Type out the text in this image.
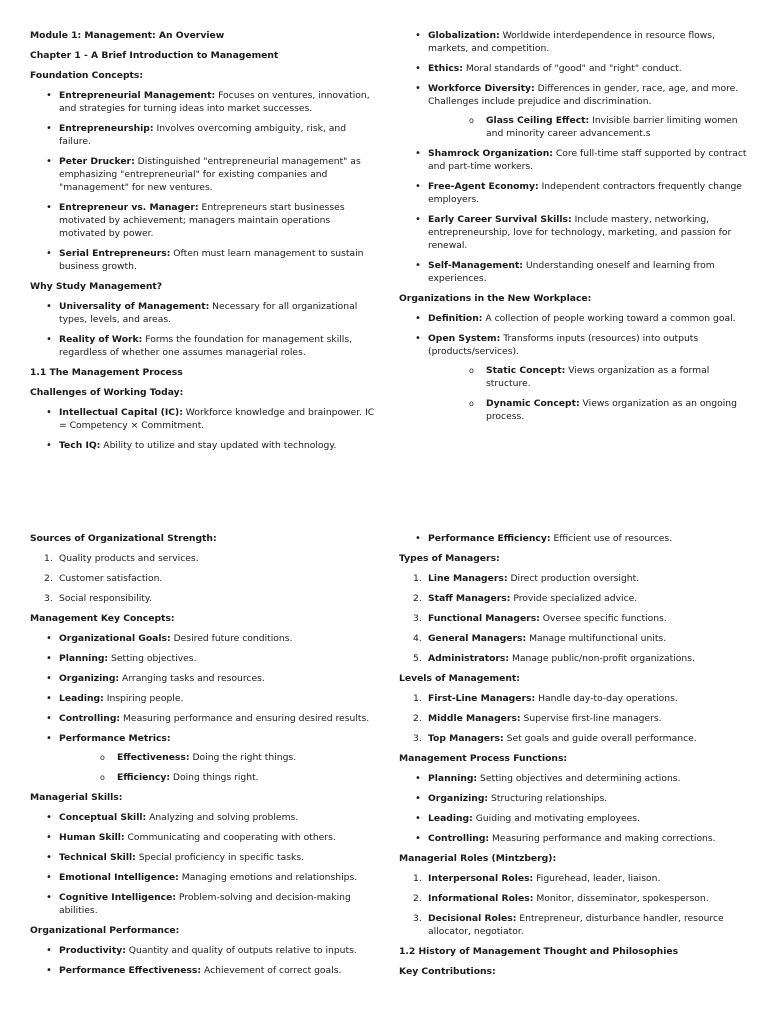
Module 1: Management: An Overview
Chapter 1 - A Brief Introduction to Management
Foundation Concepts:
• Entrepreneurial Management: Focuses on ventures, innovation, and strategies for turning ideas into market successes.
• Entrepreneurship: Involves overcoming ambiguity, risk, and failure.
• Peter Drucker: Distinguished "entrepreneurial management" as emphasizing "entrepreneurial" for existing companies and "management" for new ventures.
• Entrepreneur vs. Manager: Entrepreneurs start businesses motivated by achievement; managers maintain operations motivated by power.
• Serial Entrepreneurs: Often must learn management to sustain business growth.
Why Study Management?
• Universality of Management: Necessary for all organizational types, levels, and areas.
• Reality of Work: Forms the foundation for management skills, regardless of whether one assumes managerial roles.
1.1 The Management Process
Challenges of Working Today:
• Intellectual Capital (IC): Workforce knowledge and brainpower. IC = Competency × Commitment.
• Tech IQ: Ability to utilize and stay updated with technology.
• Globalization: Worldwide interdependence in resource flows, markets, and competition.
• Ethics: Moral standards of "good" and "right" conduct.
• Workforce Diversity: Differences in gender, race, age, and more. Challenges include prejudice and discrimination.
o Glass Ceiling Effect: Invisible barrier limiting women and minority career advancement.s
• Shamrock Organization: Core full-time staff supported by contract and part-time workers.
• Free-Agent Economy: Independent contractors frequently change employers.
• Early Career Survival Skills: Include mastery, networking, entrepreneurship, love for technology, marketing, and passion for renewal.
• Self-Management: Understanding oneself and learning from experiences.
Organizations in the New Workplace:
• Definition: A collection of people working toward a common goal.
• Open System: Transforms inputs (resources) into outputs (products/services).
o Static Concept: Views organization as a formal structure.
o Dynamic Concept: Views organization as an ongoing process.
Sources of Organizational Strength:
1. Quality products and services.
2. Customer satisfaction.
3. Social responsibility.
Management Key Concepts:
• Organizational Goals: Desired future conditions.
• Planning: Setting objectives.
• Organizing: Arranging tasks and resources.
• Leading: Inspiring people.
• Controlling: Measuring performance and ensuring desired results.
• Performance Metrics:
o Effectiveness: Doing the right things.
o Efficiency: Doing things right.
Managerial Skills:
• Conceptual Skill: Analyzing and solving problems.
• Human Skill: Communicating and cooperating with others.
• Technical Skill: Special proficiency in specific tasks.
• Emotional Intelligence: Managing emotions and relationships.
• Cognitive Intelligence: Problem-solving and decision-making abilities.
Organizational Performance:
• Productivity: Quantity and quality of outputs relative to inputs.
• Performance Effectiveness: Achievement of correct goals.
• Performance Efficiency: Efficient use of resources.
Types of Managers:
1. Line Managers: Direct production oversight.
2. Staff Managers: Provide specialized advice.
3. Functional Managers: Oversee specific functions.
4. General Managers: Manage multifunctional units.
5. Administrators: Manage public/non-profit organizations.
Levels of Management:
1. First-Line Managers: Handle day-to-day operations.
2. Middle Managers: Supervise first-line managers.
3. Top Managers: Set goals and guide overall performance.
Management Process Functions:
• Planning: Setting objectives and determining actions.
• Organizing: Structuring relationships.
• Leading: Guiding and motivating employees.
• Controlling: Measuring performance and making corrections.
Managerial Roles (Mintzberg):
1. Interpersonal Roles: Figurehead, leader, liaison.
2. Informational Roles: Monitor, disseminator, spokesperson.
3. Decisional Roles: Entrepreneur, disturbance handler, resource allocator, negotiator.
1.2 History of Management Thought and Philosophies
Key Contributions:
